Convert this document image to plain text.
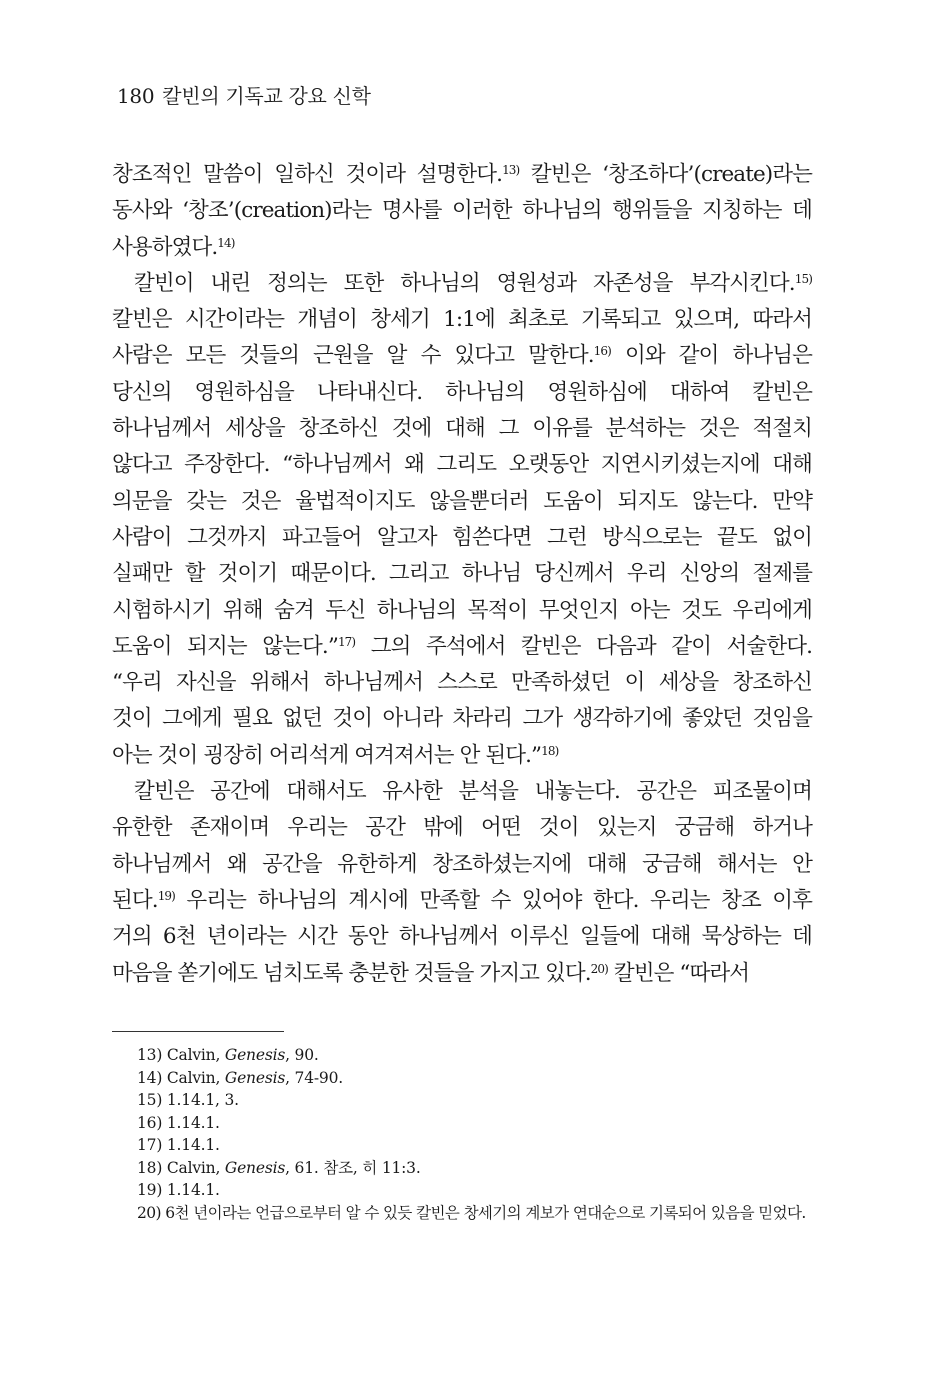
180 칼빈의 기독교 강요 신학
창조적인 말씀이 일하신 것이라 설명한다.$^{13)}$ 칼빈은 ‘창조하다’(create)라는
동사와 ‘창조’(creation)라는 명사를 이러한 하나님의 행위들을 지칭하는 데
사용하였다.$^{14)}$
칼빈이 내린 정의는 또한 하나님의 영원성과 자존성을 부각시킨다.$^{15)}$
칼빈은 시간이라는 개념이 창세기 1:1에 최초로 기록되고 있으며, 따라서
사람은 모든 것들의 근원을 알 수 있다고 말한다.$^{16)}$ 이와 같이 하나님은
당신의 영원하심을 나타내신다. 하나님의 영원하심에 대하여 칼빈은
하나님께서 세상을 창조하신 것에 대해 그 이유를 분석하는 것은 적절치
않다고 주장한다. “하나님께서 왜 그리도 오랫동안 지연시키셨는지에 대해
의문을 갖는 것은 율법적이지도 않을뿐더러 도움이 되지도 않는다. 만약
사람이 그것까지 파고들어 알고자 힘쓴다면 그런 방식으로는 끝도 없이
실패만 할 것이기 때문이다. 그리고 하나님 당신께서 우리 신앙의 절제를
시험하시기 위해 숨겨 두신 하나님의 목적이 무엇인지 아는 것도 우리에게
도움이 되지는 않는다.”$^{17)}$ 그의 주석에서 칼빈은 다음과 같이 서술한다.
“우리 자신을 위해서 하나님께서 스스로 만족하셨던 이 세상을 창조하신
것이 그에게 필요 없던 것이 아니라 차라리 그가 생각하기에 좋았던 것임을
아는 것이 굉장히 어리석게 여겨져서는 안 된다.”$^{18)}$
칼빈은 공간에 대해서도 유사한 분석을 내놓는다. 공간은 피조물이며
유한한 존재이며 우리는 공간 밖에 어떤 것이 있는지 궁금해 하거나
하나님께서 왜 공간을 유한하게 창조하셨는지에 대해 궁금해 해서는 안
된다.$^{19)}$ 우리는 하나님의 계시에 만족할 수 있어야 한다. 우리는 창조 이후
거의 6천 년이라는 시간 동안 하나님께서 이루신 일들에 대해 묵상하는 데
마음을 쏟기에도 넘치도록 충분한 것들을 가지고 있다.$^{20)}$ 칼빈은 “따라서
13) Calvin, Genesis, 90.
14) Calvin, Genesis, 74-90.
15) 1.14.1, 3.
16) 1.14.1.
17) 1.14.1.
18) Calvin, Genesis, 61. 참조, 히 11:3.
19) 1.14.1.
20) 6천 년이라는 언급으로부터 알 수 있듯 칼빈은 창세기의 계보가 연대순으로 기록되어 있음을 믿었다.
